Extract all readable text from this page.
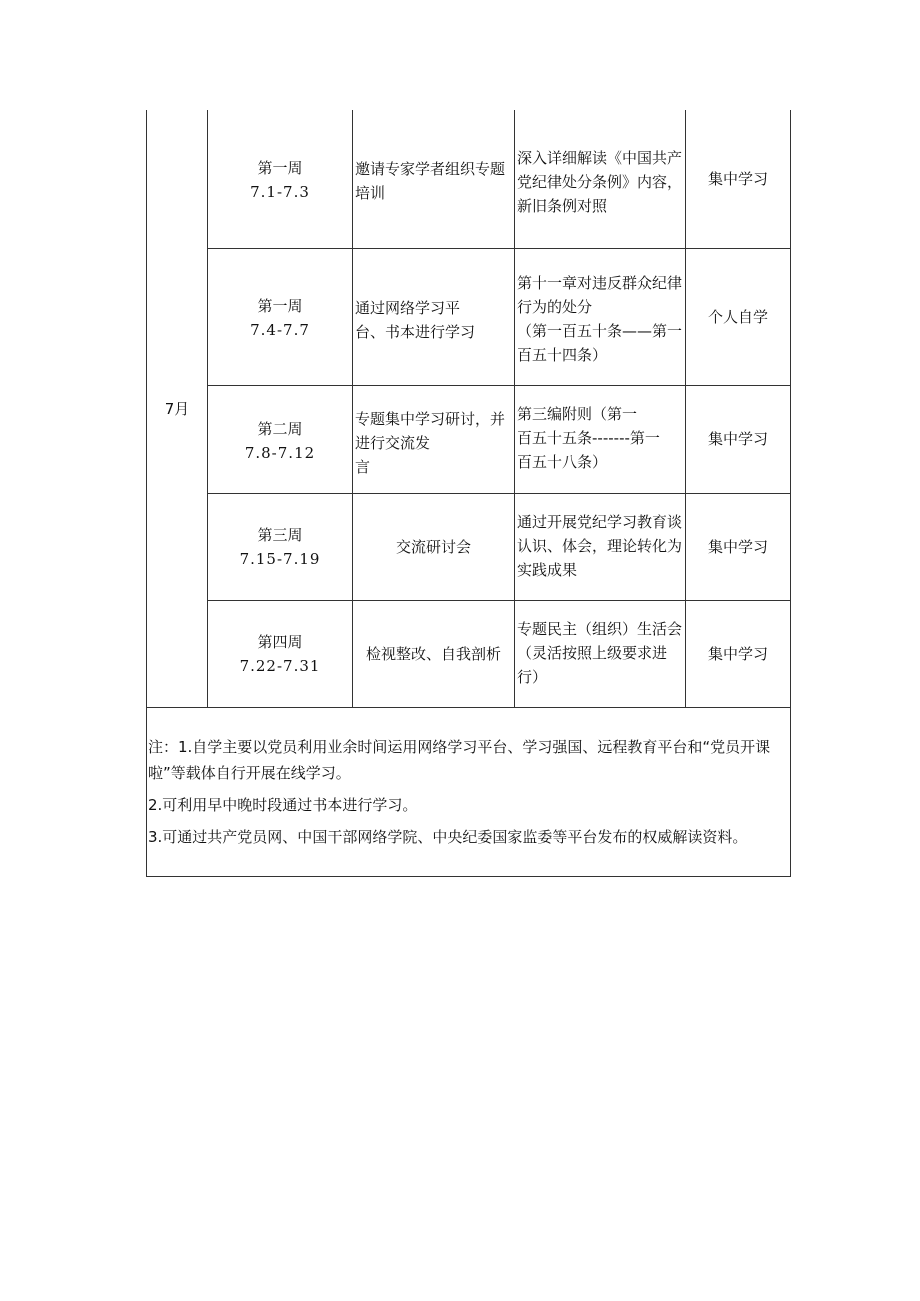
7月
第一周
7.1-7.3
邀请专家学者组织专题
培训
深入详细解读《中国共产
党纪律处分条例》内容，
新旧条例对照
集中学习
第一周
7.4-7.7
通过网络学习平
台、书本进行学习
第十一章对违反群众纪律
行为的处分
（第一百五十条——第一
百五十四条）
个人自学
第二周
7.8-7.12
专题集中学习研讨，并
进行交流发
言
第三编附则（第一
百五十五条-------第一
百五十八条）
集中学习
第三周
7.15-7.19
交流研讨会
通过开展党纪学习教育谈
认识、体会，理论转化为
实践成果
集中学习
第四周
7.22-7.31
检视整改、自我剖析
专题民主（组织）生活会
（灵活按照上级要求进
行）
集中学习

注：1.自学主要以党员利用业余时间运用网络学习平台、学习强国、远程教育平台和“党员开课啦”等载体自行开展在线学习。

2.可利用早中晚时段通过书本进行学习。

3.可通过共产党员网、中国干部网络学院、中央纪委国家监委等平台发布的权威解读资料。
